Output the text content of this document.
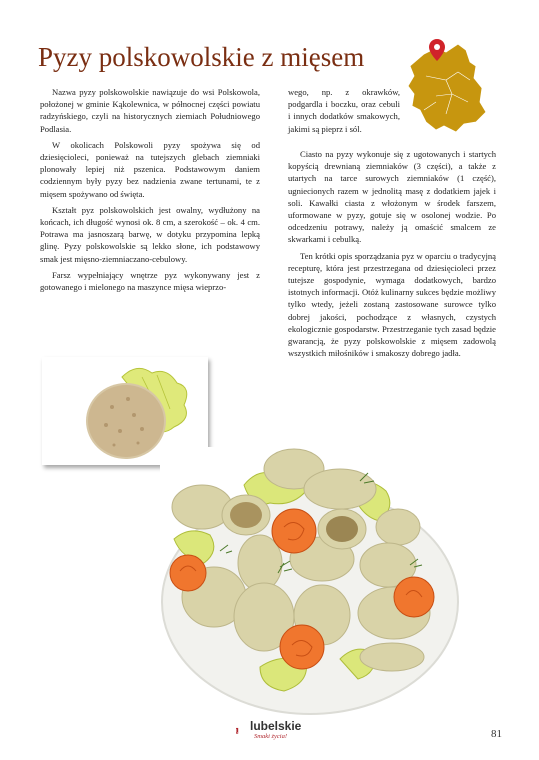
Pyzy polskowolskie z mięsem

Nazwa pyzy polskowolskie nawiązuje do wsi Polskowola, położonej w gminie Kąkolewnica, w północnej części powiatu radzyńskiego, czyli na historycznych ziemiach Południowego Podlasia.

W okolicach Polskowoli pyzy spożywa się od dziesięcioleci, ponieważ na tutejszych glebach ziemniaki plonowały lepiej niż pszenica. Podstawowym daniem codziennym były pyzy bez nadzienia zwane tertunami, te z mięsem spożywano od święta.

Kształt pyz polskowolskich jest owalny, wydłużony na końcach, ich długość wynosi ok. 8 cm, a szerokość – ok. 4 cm. Potrawa ma jasnoszarą barwę, w dotyku przypomina lepką glinę. Pyzy polskowolskie są lekko słone, ich podstawowy smak jest mięsno-ziemniaczano-cebulowy.

Farsz wypełniający wnętrze pyz wykonywany jest z gotowanego i mielonego na maszynce mięsa wieprzo-

wego, np. z okrawków, podgardla i boczku, oraz cebuli i innych dodatków smakowych, jakimi są pieprz i sól.

Ciasto na pyzy wykonuje się z ugotowanych i startych kopyścią drewnianą ziemniaków (3 części), a także z utartych na tarce surowych ziemniaków (1 część), ugniecionych razem w jednolitą masę z dodatkiem jajek i soli. Kawałki ciasta z włożonym w środek farszem, uformowane w pyzy, gotuje się w osolonej wodzie. Po odcedzeniu potrawy, należy ją omaścić smalcem ze skwarkami i cebulką.

Ten krótki opis sporządzania pyz w oparciu o tradycyjną recepturę, która jest przestrzegana od dziesięcioleci przez tutejsze gospodynie, wymaga dodatkowych, bardzo istotnych informacji. Otóż kulinarny sukces będzie możliwy tylko wtedy, jeżeli zostaną zastosowane surowce tylko dobrej jakości, pochodzące z własnych, czystych ekologicznie gospodarstw. Przestrzeganie tych zasad będzie gwarancją, że pyzy polskowolskie z mięsem zadowolą wszystkich miłośników i smakoszy dobrego jadła.

lubelskie
Smaki życia!	81
